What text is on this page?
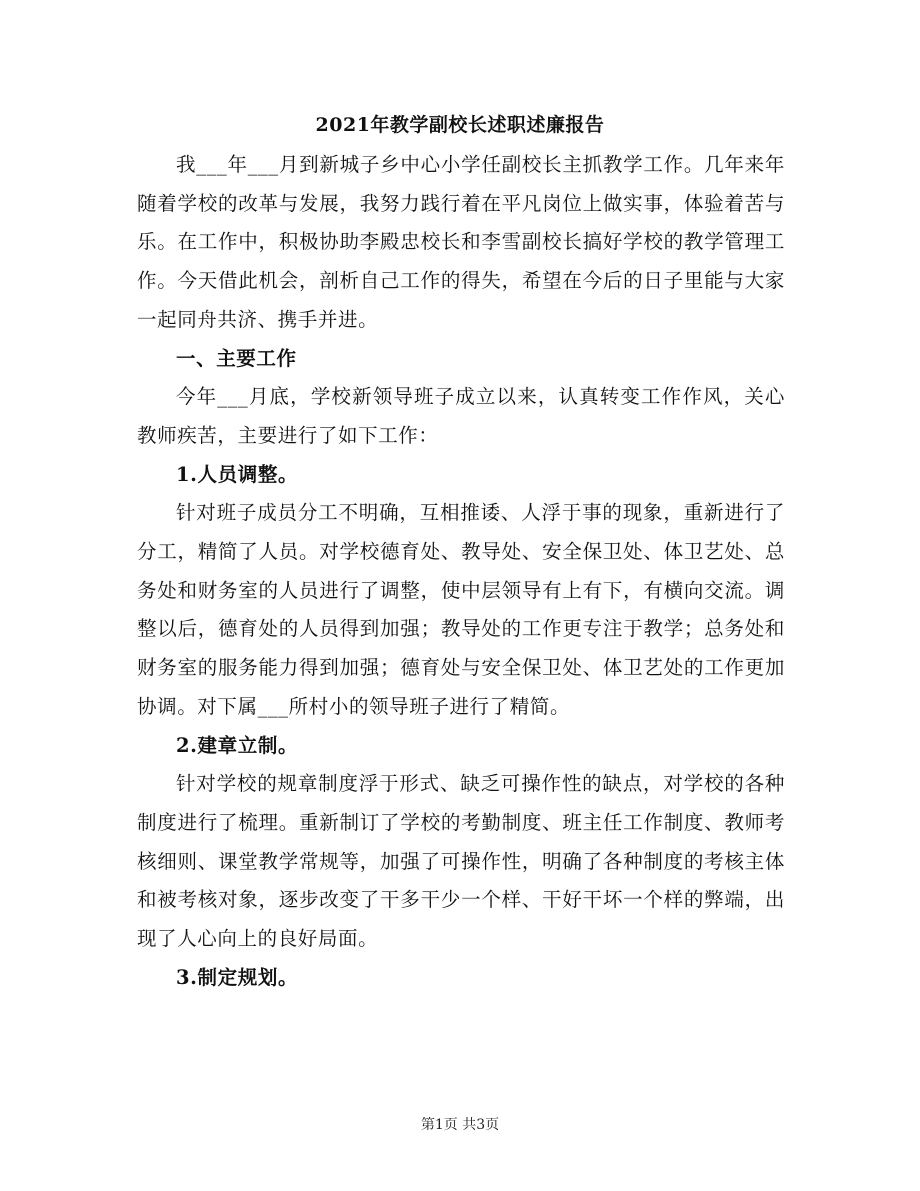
2021年教学副校长述职述廉报告

我___年___月到新城子乡中心小学任副校长主抓教学工作。几年来年随着学校的改革与发展，我努力践行着在平凡岗位上做实事，体验着苦与乐。在工作中，积极协助李殿忠校长和李雪副校长搞好学校的教学管理工作。今天借此机会，剖析自己工作的得失，希望在今后的日子里能与大家一起同舟共济、携手并进。

一、主要工作

今年___月底，学校新领导班子成立以来，认真转变工作作风，关心教师疾苦，主要进行了如下工作：

1.人员调整。

针对班子成员分工不明确，互相推诿、人浮于事的现象，重新进行了分工，精简了人员。对学校德育处、教导处、安全保卫处、体卫艺处、总务处和财务室的人员进行了调整，使中层领导有上有下，有横向交流。调整以后，德育处的人员得到加强；教导处的工作更专注于教学；总务处和财务室的服务能力得到加强；德育处与安全保卫处、体卫艺处的工作更加协调。对下属___所村小的领导班子进行了精简。

2.建章立制。

针对学校的规章制度浮于形式、缺乏可操作性的缺点，对学校的各种制度进行了梳理。重新制订了学校的考勤制度、班主任工作制度、教师考核细则、课堂教学常规等，加强了可操作性，明确了各种制度的考核主体和被考核对象，逐步改变了干多干少一个样、干好干坏一个样的弊端，出现了人心向上的良好局面。

3.制定规划。

第1页 共3页
